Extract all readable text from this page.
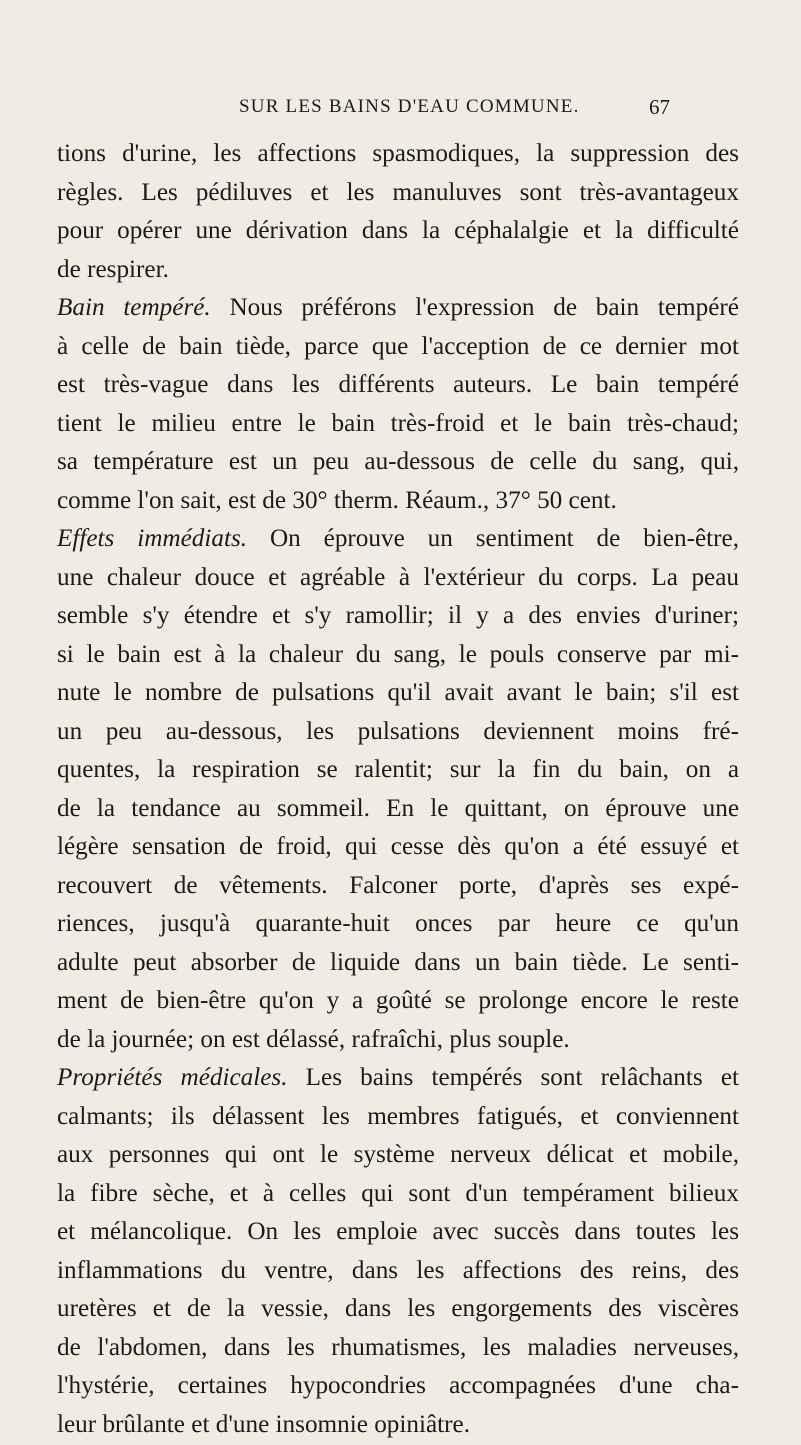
SUR LES BAINS D'EAU COMMUNE.	67
tions d'urine, les affections spasmodiques, la suppression des
règles. Les pédiluves et les manuluves sont très-avantageux
pour opérer une dérivation dans la céphalalgie et la difficulté
de respirer.
Bain tempéré. Nous préférons l'expression de bain tempéré
à celle de bain tiède, parce que l'acception de ce dernier mot
est très-vague dans les différents auteurs. Le bain tempéré
tient le milieu entre le bain très-froid et le bain très-chaud;
sa température est un peu au-dessous de celle du sang, qui,
comme l'on sait, est de 30° therm. Réaum., 37° 50 cent.
Effets immédiats. On éprouve un sentiment de bien-être,
une chaleur douce et agréable à l'extérieur du corps. La peau
semble s'y étendre et s'y ramollir; il y a des envies d'uriner;
si le bain est à la chaleur du sang, le pouls conserve par mi-
nute le nombre de pulsations qu'il avait avant le bain; s'il est
un peu au-dessous, les pulsations deviennent moins fré-
quentes, la respiration se ralentit; sur la fin du bain, on a
de la tendance au sommeil. En le quittant, on éprouve une
légère sensation de froid, qui cesse dès qu'on a été essuyé et
recouvert de vêtements. Falconer porte, d'après ses expé-
riences, jusqu'à quarante-huit onces par heure ce qu'un
adulte peut absorber de liquide dans un bain tiède. Le senti-
ment de bien-être qu'on y a goûté se prolonge encore le reste
de la journée; on est délassé, rafraîchi, plus souple.
Propriétés médicales. Les bains tempérés sont relâchants et
calmants; ils délassent les membres fatigués, et conviennent
aux personnes qui ont le système nerveux délicat et mobile,
la fibre sèche, et à celles qui sont d'un tempérament bilieux
et mélancolique. On les emploie avec succès dans toutes les
inflammations du ventre, dans les affections des reins, des
uretères et de la vessie, dans les engorgements des viscères
de l'abdomen, dans les rhumatismes, les maladies nerveuses,
l'hystérie, certaines hypocondries accompagnées d'une cha-
leur brûlante et d'une insomnie opiniâtre.
